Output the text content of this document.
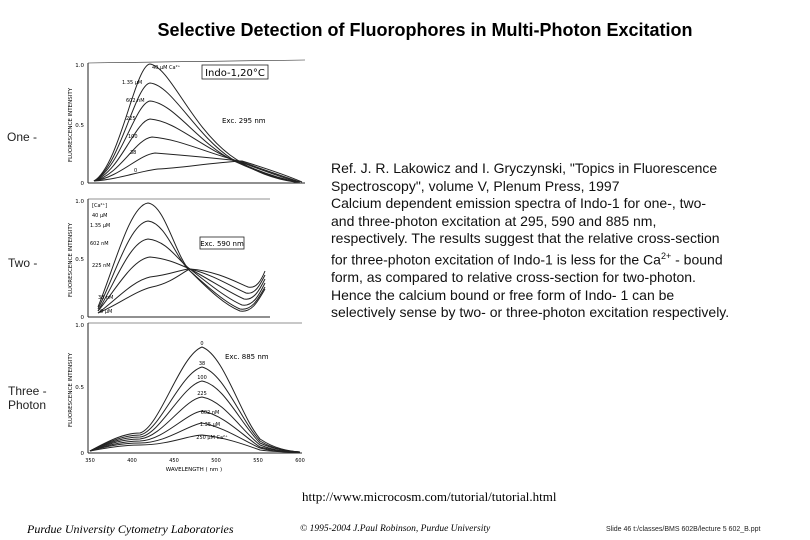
Selective Detection of Fluorophores in Multi-Photon Excitation
One -
Two -
Three -
Photon
Indo-1,20°C
Exc. 295 nm
FLUORESCENCE INTENSITY
1.0
0.5
0
40 µM Ca²⁺
1.35 µM
602 nM
225
100
38
0
Exc. 590 nm
FLUORESCENCE INTENSITY
1.0
0.5
0
[Ca²⁺]
40 µM
1.35 µM
602 nM
225 nM
38 nM
0 µM
Exc. 885 nm
FLUORESCENCE INTENSITY
1.0
0.5
0
0
38
100
225
602 nM
1.35 µM
250 µM Ca²⁺
350	400	450	500	550	600
WAVELENGTH ( nm )

Ref. J. R. Lakowicz and I. Gryczynski, "Topics in Fluorescence

Spectroscopy", volume V, Plenum Press, 1997

Calcium dependent emission spectra of Indo-1 for one-, two-

and three-photon excitation at 295, 590 and 885 nm,

respectively. The results suggest that the relative cross-section

for three-photon excitation of Indo-1 is less for the $Ca^{2+}$ - bound

form, as compared to relative cross-section for two-photon.

Hence the calcium bound or free form of Indo- 1 can be

selectively sense by two- or three-photon excitation respectively.

http://www.microcosm.com/tutorial/tutorial.html
Purdue University Cytometry Laboratories	© 1995-2004 J.Paul Robinson, Purdue University	Slide 46 t:/classes/BMS 602B/lecture 5 602_B.ppt
